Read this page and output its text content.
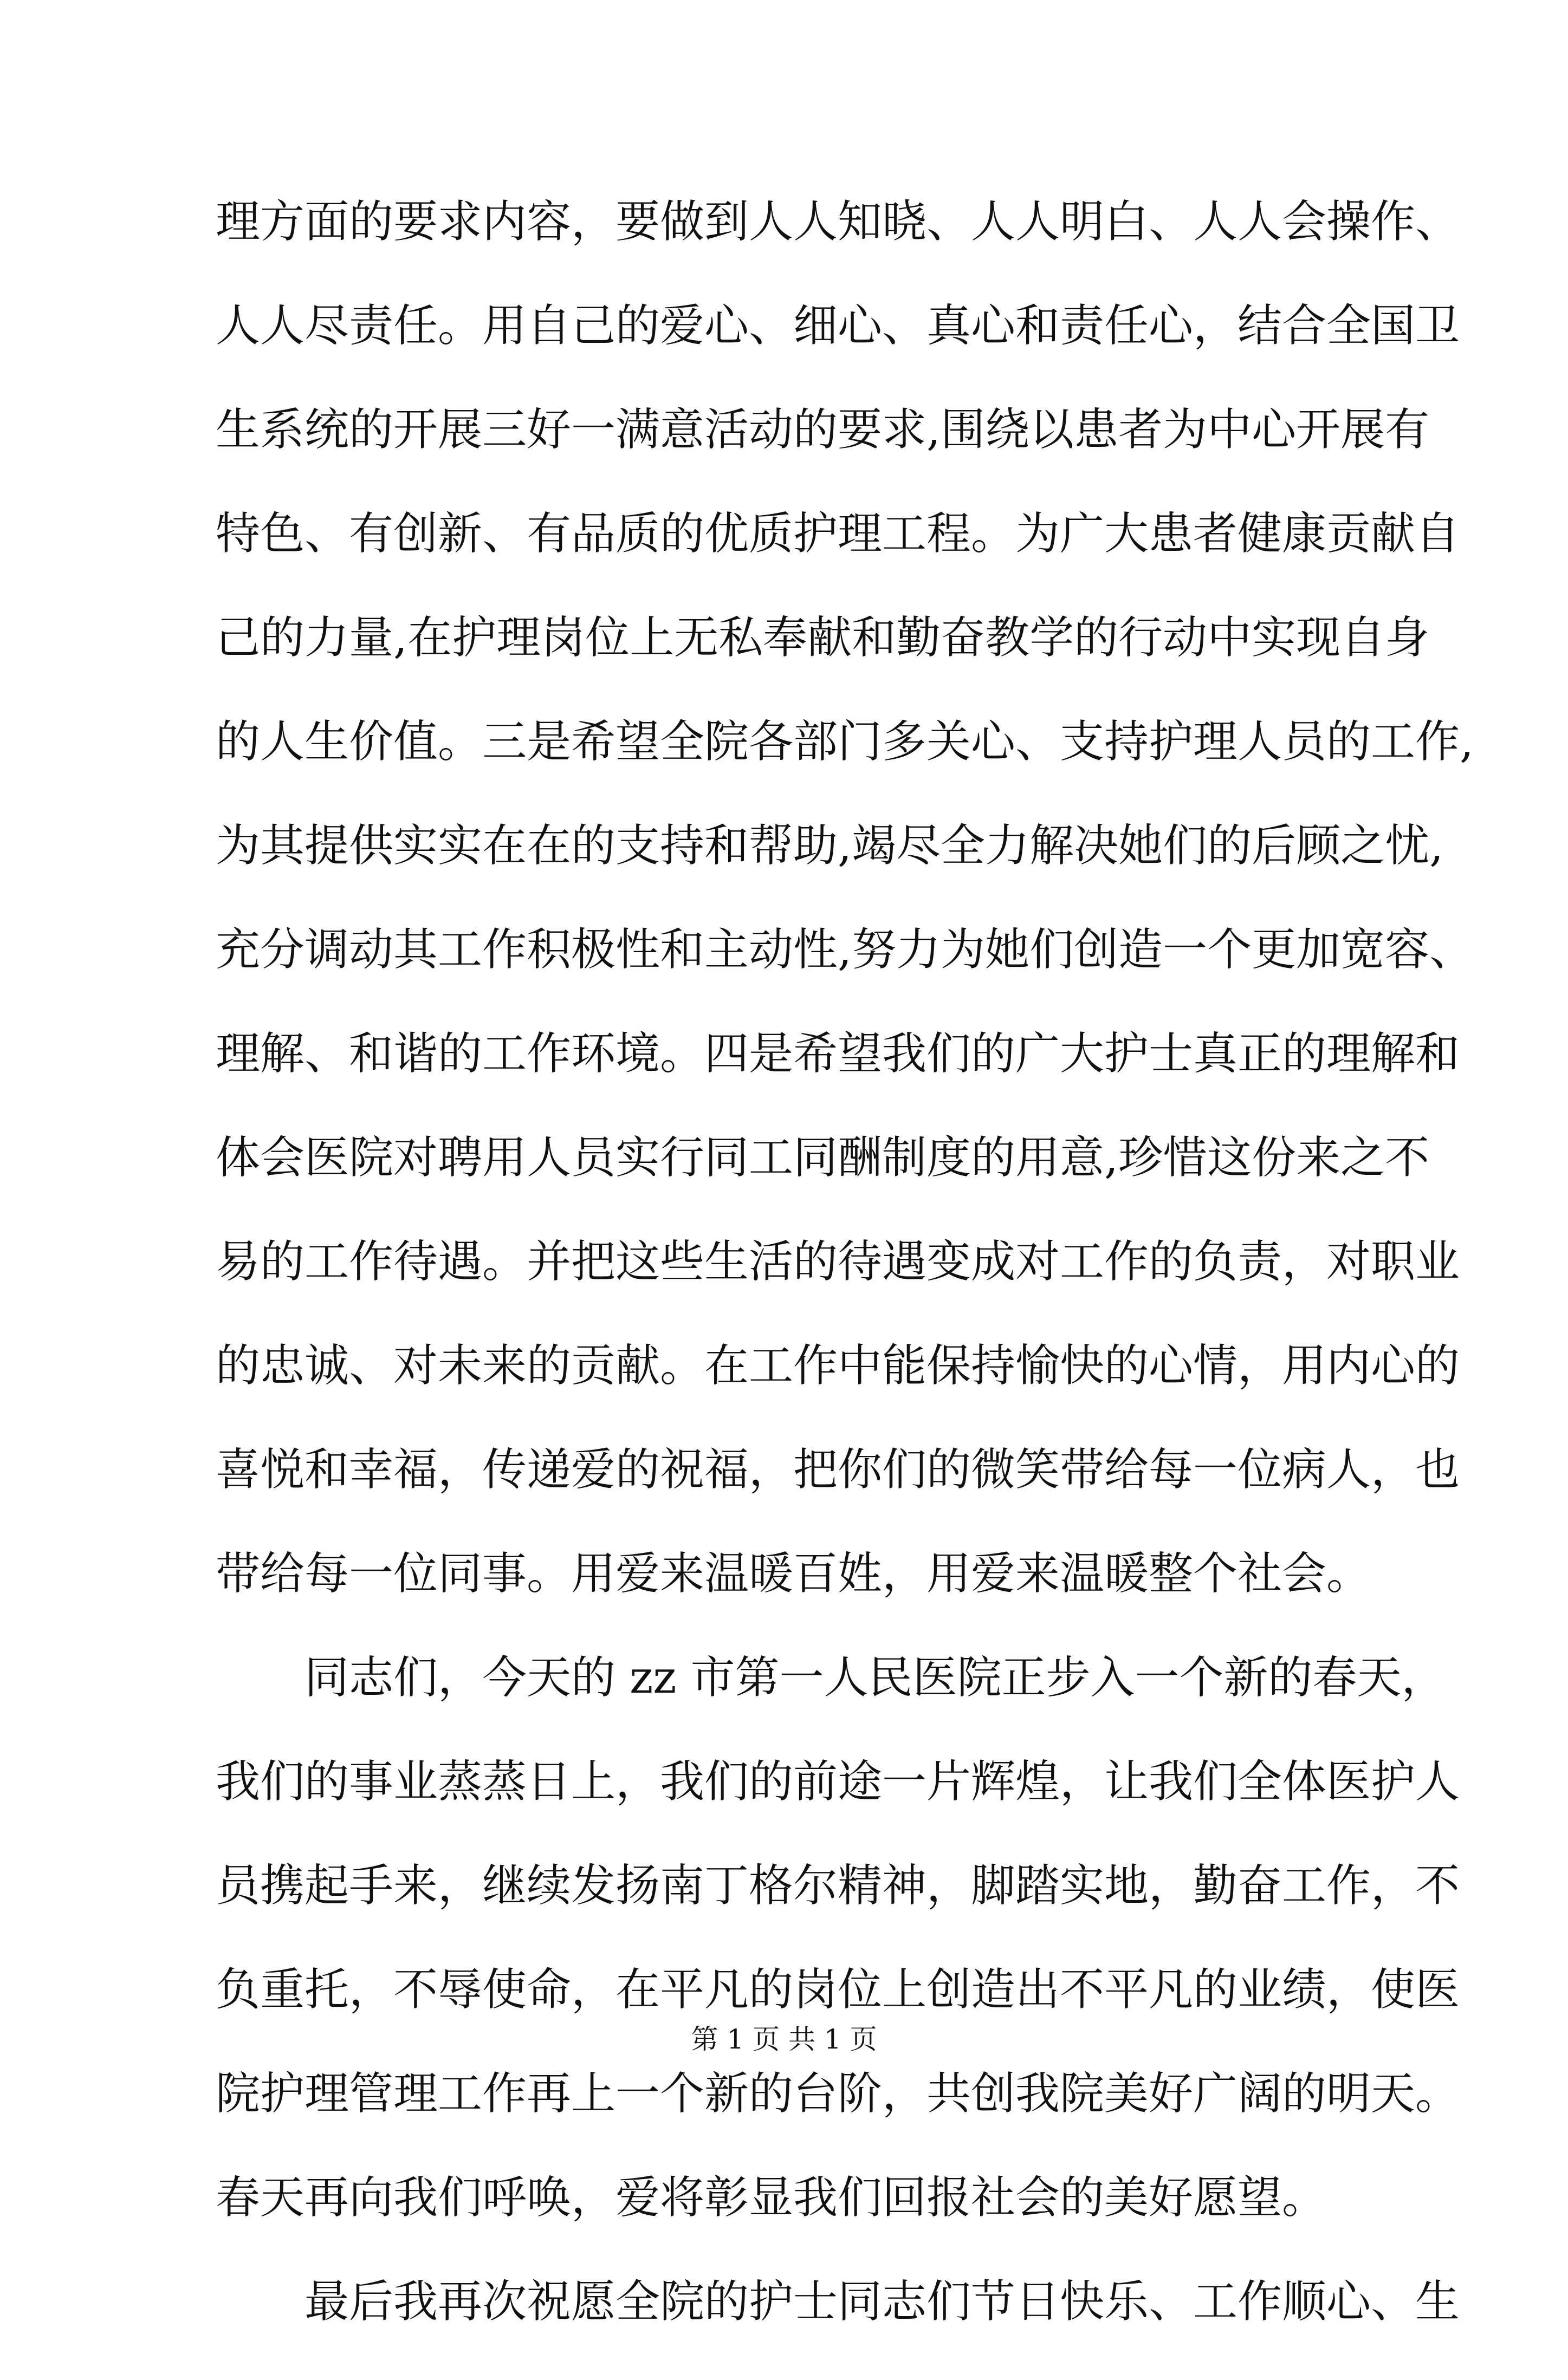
理方面的要求内容，要做到人人知晓、人人明白、人人会操作、
人人尽责任。用自己的爱心、细心、真心和责任心，结合全国卫
生系统的开展三好一满意活动的要求,围绕以患者为中心开展有
特色、有创新、有品质的优质护理工程。为广大患者健康贡献自
己的力量,在护理岗位上无私奉献和勤奋教学的行动中实现自身
的人生价值。三是希望全院各部门多关心、支持护理人员的工作,
为其提供实实在在的支持和帮助,竭尽全力解决她们的后顾之忧,
充分调动其工作积极性和主动性,努力为她们创造一个更加宽容、
理解、和谐的工作环境。四是希望我们的广大护士真正的理解和
体会医院对聘用人员实行同工同酬制度的用意,珍惜这份来之不
易的工作待遇。并把这些生活的待遇变成对工作的负责，对职业
的忠诚、对未来的贡献。在工作中能保持愉快的心情，用内心的
喜悦和幸福，传递爱的祝福，把你们的微笑带给每一位病人，也
带给每一位同事。用爱来温暖百姓，用爱来温暖整个社会。
同志们，今天的 zz 市第一人民医院正步入一个新的春天，
我们的事业蒸蒸日上，我们的前途一片辉煌，让我们全体医护人
员携起手来，继续发扬南丁格尔精神，脚踏实地，勤奋工作，不
负重托，不辱使命，在平凡的岗位上创造出不平凡的业绩，使医
院护理管理工作再上一个新的台阶，共创我院美好广阔的明天。
春天再向我们呼唤，爱将彰显我们回报社会的美好愿望。
最后我再次祝愿全院的护士同志们节日快乐、工作顺心、生
第 1 页 共 1 页
